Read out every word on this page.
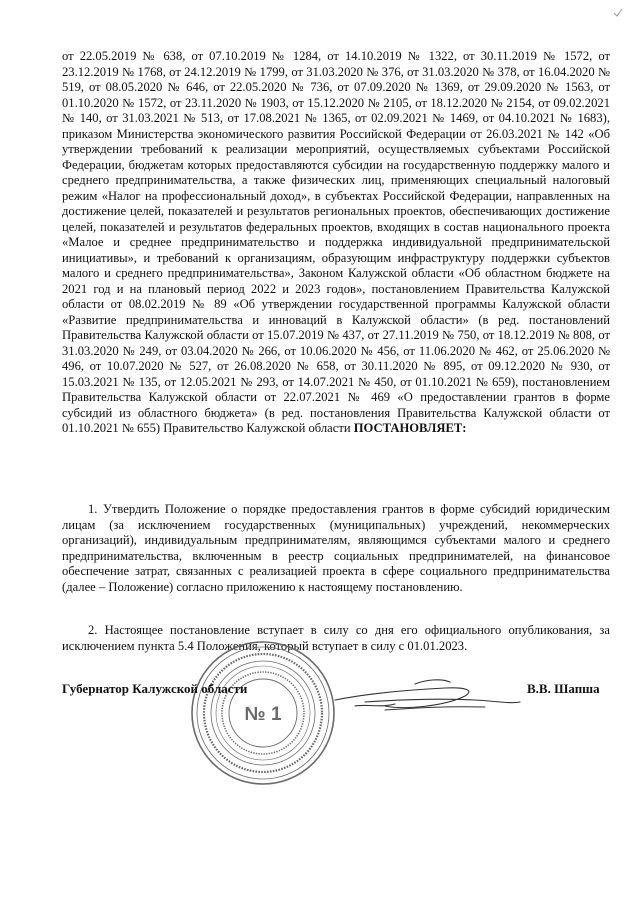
от 22.05.2019 № 638, от 07.10.2019 № 1284, от 14.10.2019 № 1322, от 30.11.2019 № 1572, от 23.12.2019 № 1768, от 24.12.2019 № 1799, от 31.03.2020 № 376, от 31.03.2020 № 378, от 16.04.2020 № 519, от 08.05.2020 № 646, от 22.05.2020 № 736, от 07.09.2020 № 1369, от 29.09.2020 № 1563, от 01.10.2020 № 1572, от 23.11.2020 № 1903, от 15.12.2020 № 2105, от 18.12.2020 № 2154, от 09.02.2021 № 140, от 31.03.2021 № 513, от 17.08.2021 № 1365, от 02.09.2021 № 1469, от 04.10.2021 № 1683), приказом Министерства экономического развития Российской Федерации от 26.03.2021 № 142 «Об утверждении требований к реализации мероприятий, осуществляемых субъектами Российской Федерации, бюджетам которых предоставляются субсидии на государственную поддержку малого и среднего предпринимательства, а также физических лиц, применяющих специальный налоговый режим «Налог на профессиональный доход», в субъектах Российской Федерации, направленных на достижение целей, показателей и результатов региональных проектов, обеспечивающих достижение целей, показателей и результатов федеральных проектов, входящих в состав национального проекта «Малое и среднее предпринимательство и поддержка индивидуальной предпринимательской инициативы», и требований к организациям, образующим инфраструктуру поддержки субъектов малого и среднего предпринимательства», Законом Калужской области «Об областном бюджете на 2021 год и на плановый период 2022 и 2023 годов», постановлением Правительства Калужской области от 08.02.2019 № 89 «Об утверждении государственной программы Калужской области «Развитие предпринимательства и инноваций в Калужской области» (в ред. постановлений Правительства Калужской области от 15.07.2019 № 437, от 27.11.2019 № 750, от 18.12.2019 № 808, от 31.03.2020 № 249, от 03.04.2020 № 266, от 10.06.2020 № 456, от 11.06.2020 № 462, от 25.06.2020 № 496, от 10.07.2020 № 527, от 26.08.2020 № 658, от 30.11.2020 № 895, от 09.12.2020 № 930, от 15.03.2021 № 135, от 12.05.2021 № 293, от 14.07.2021 № 450, от 01.10.2021 № 659), постановлением Правительства Калужской области от 22.07.2021 № 469 «О предоставлении грантов в форме субсидий из областного бюджета» (в ред. постановления Правительства Калужской области от 01.10.2021 № 655) Правительство Калужской области ПОСТАНОВЛЯЕТ:

1. Утвердить Положение о порядке предоставления грантов в форме субсидий юридическим лицам (за исключением государственных (муниципальных) учреждений, некоммерческих организаций), индивидуальным предпринимателям, являющимся субъектами малого и среднего предпринимательства, включенным в реестр социальных предпринимателей, на финансовое обеспечение затрат, связанных с реализацией проекта в сфере социального предпринимательства (далее – Положение) согласно приложению к настоящему постановлению.

2. Настоящее постановление вступает в силу со дня его официального опубликования, за исключением пункта 5.4 Положения, который вступает в силу с 01.01.2023.

№ 1
Губернатор Калужской области	В.В. Шапша
